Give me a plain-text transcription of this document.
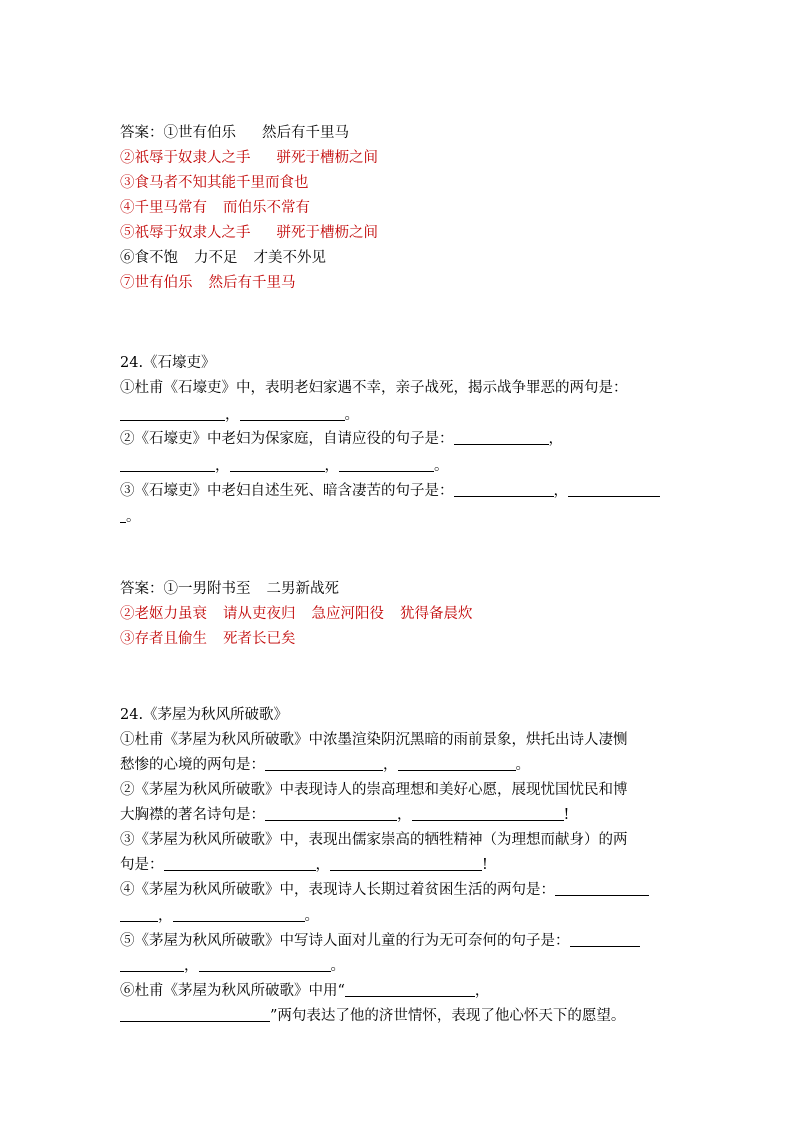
答案：①世有伯乐 然后有千里马
②祇辱于奴隶人之手 骈死于槽枥之间
③食马者不知其能千里而食也
④千里马常有 而伯乐不常有
⑤祇辱于奴隶人之手 骈死于槽枥之间
⑥食不饱 力不足 才美不外见
⑦世有伯乐 然后有千里马
24.《石壕吏》
①杜甫《石壕吏》中，表明老妇家遇不幸，亲子战死，揭示战争罪恶的两句是：
，	。
②《石壕吏》中老妇为保家庭，自请应役的句子是：	，
，	，	。
③《石壕吏》中老妇自述生死、暗含凄苦的句子是：	，
。
答案：①一男附书至 二男新战死
②老妪力虽衰 请从吏夜归 急应河阳役 犹得备晨炊
③存者且偷生 死者长已矣
24.《茅屋为秋风所破歌》
①杜甫《茅屋为秋风所破歌》中浓墨渲染阴沉黑暗的雨前景象，烘托出诗人凄恻
愁惨的心境的两句是：	，	。
②《茅屋为秋风所破歌》中表现诗人的崇高理想和美好心愿，展现忧国忧民和博
大胸襟的著名诗句是：	，	!
③《茅屋为秋风所破歌》中，表现出儒家崇高的牺牲精神（为理想而献身）的两
句是：	，	!
④《茅屋为秋风所破歌》中，表现诗人长期过着贫困生活的两句是：
，	。
⑤《茅屋为秋风所破歌》中写诗人面对儿童的行为无可奈何的句子是：
，	。
⑥杜甫《茅屋为秋风所破歌》中用“	，
”两句表达了他的济世情怀，表现了他心怀天下的愿望。
